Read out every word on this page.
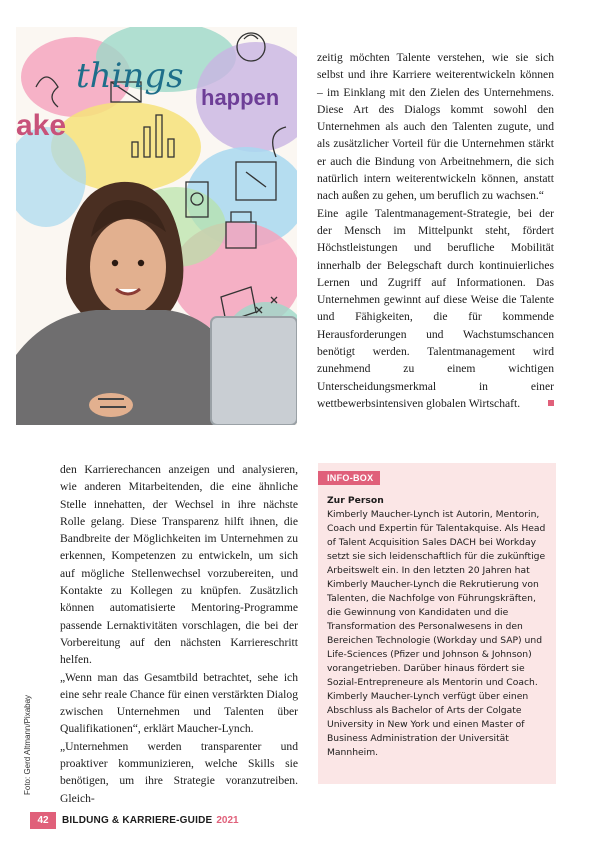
things
happen
ake

zeitig möchten Talente verstehen, wie sie sich selbst und ihre Karriere weiterentwickeln können – im Einklang mit den Zielen des Unternehmens. Diese Art des Dialogs kommt sowohl den Unternehmen als auch den Talenten zugute, und als zusätzlicher Vorteil für die Unternehmen stärkt er auch die Bindung von Arbeitnehmern, die sich natürlich intern weiterentwickeln können, anstatt nach außen zu gehen, um beruflich zu wachsen.“

Eine agile Talentmanagement-Strategie, bei der der Mensch im Mittelpunkt steht, fördert Höchstleistungen und berufliche Mobilität innerhalb der Belegschaft durch kontinuierliches Lernen und Zugriff auf Informationen. Das Unternehmen gewinnt auf diese Weise die Talente und Fähigkeiten, die für kommende Herausforderungen und Wachstumschancen benötigt werden. Talentmanagement wird zunehmend zu einem wichtigen Unterscheidungsmerkmal in einer wettbewerbsintensiven globalen Wirtschaft.

den Karrierechancen anzeigen und analysieren, wie anderen Mitarbeitenden, die eine ähnliche Stelle innehatten, der Wechsel in ihre nächste Rolle gelang. Diese Transparenz hilft ihnen, die Bandbreite der Möglichkeiten im Unternehmen zu erkennen, Kompetenzen zu entwickeln, um sich auf mögliche Stellenwechsel vorzubereiten, und Kontakte zu Kollegen zu knüpfen. Zusätzlich können automatisierte Mentoring-Programme passende Lernaktivitäten vorschlagen, die bei der Vorbereitung auf den nächsten Karriereschritt helfen.

„Wenn man das Gesamtbild betrachtet, sehe ich eine sehr reale Chance für einen verstärkten Dialog zwischen Unternehmen und Talenten über Qualifikationen“, erklärt Maucher-Lynch.

„Unternehmen werden transparenter und proaktiver kommunizieren, welche Skills sie benötigen, um ihre Strategie voranzutreiben. Gleich-

Foto: Gerd Altmann/Pixabay
INFO-BOX
Zur Person
Kimberly Maucher-Lynch ist Autorin, Mentorin, Coach und Expertin für Talentakquise. Als Head of Talent Acquisition Sales DACH bei Workday setzt sie sich leidenschaftlich für die zukünftige Arbeitswelt ein. In den letzten 20 Jahren hat Kimberly Maucher-Lynch die Rekrutierung von Talenten, die Nachfolge von Führungskräften, die Gewinnung von Kandidaten und die Transformation des Personalwesens in den Bereichen Technologie (Workday und SAP) und Life-Sciences (Pfizer und Johnson & Johnson) vorangetrieben. Darüber hinaus fördert sie Sozial-Entrepreneure als Mentorin und Coach. Kimberly Maucher-Lynch verfügt über einen Abschluss als Bachelor of Arts der Colgate University in New York und einen Master of Business Administration der Universität Mannheim.
42	BILDUNG & KARRIERE-GUIDE 2021
